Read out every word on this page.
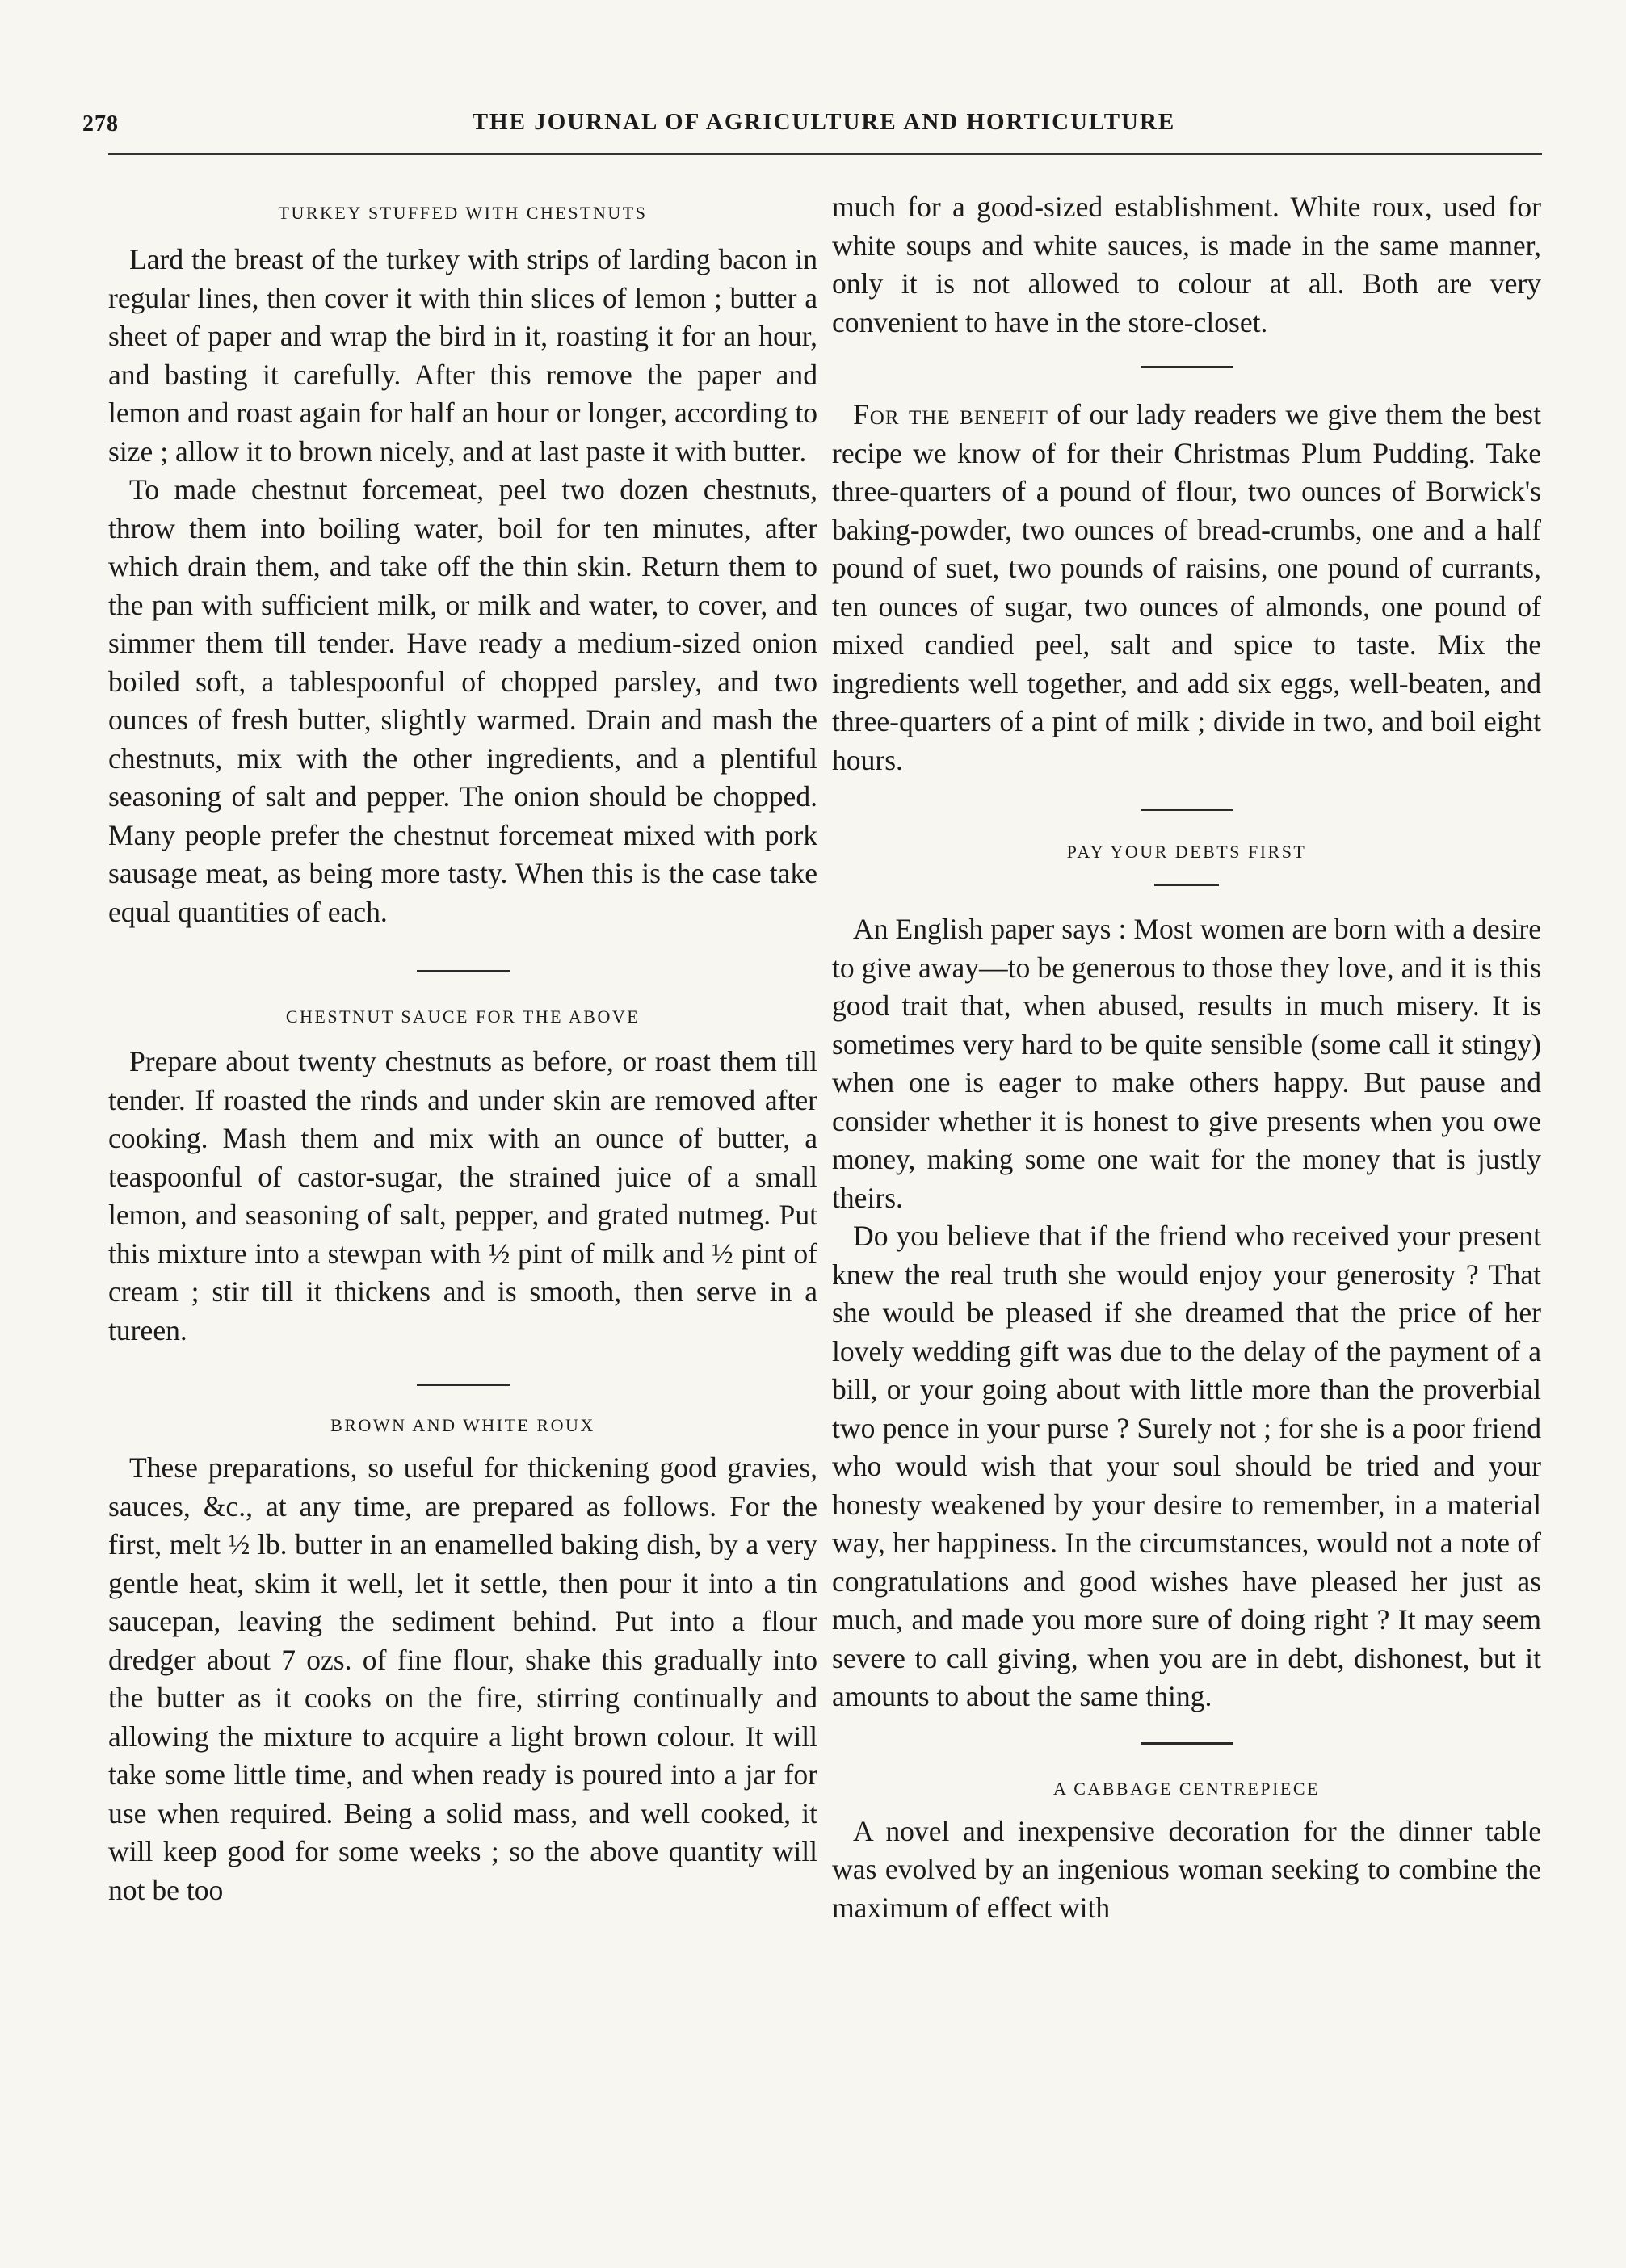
278	THE JOURNAL OF AGRICULTURE AND HORTICULTURE
TURKEY STUFFED WITH CHESTNUTS

Lard the breast of the turkey with strips of larding bacon in regular lines, then cover it with thin slices of lemon ; butter a sheet of paper and wrap the bird in it, roasting it for an hour, and basting it carefully. After this remove the paper and lemon and roast again for half an hour or longer, according to size ; allow it to brown nicely, and at last paste it with butter.

To made chestnut forcemeat, peel two dozen chestnuts, throw them into boiling water, boil for ten minutes, after which drain them, and take off the thin skin. Return them to the pan with sufficient milk, or milk and water, to cover, and simmer them till tender. Have ready a medium-sized onion boiled soft, a tablespoonful of chopped parsley, and two ounces of fresh butter, slightly warmed. Drain and mash the chestnuts, mix with the other ingredients, and a plentiful seasoning of salt and pepper. The onion should be chopped. Many people prefer the chestnut forcemeat mixed with pork sausage meat, as being more tasty. When this is the case take equal quantities of each.

CHESTNUT SAUCE FOR THE ABOVE

Prepare about twenty chestnuts as before, or roast them till tender. If roasted the rinds and under skin are removed after cooking. Mash them and mix with an ounce of butter, a teaspoonful of castor-sugar, the strained juice of a small lemon, and seasoning of salt, pepper, and grated nutmeg. Put this mixture into a stewpan with ½ pint of milk and ½ pint of cream ; stir till it thickens and is smooth, then serve in a tureen.

BROWN AND WHITE ROUX

These preparations, so useful for thickening good gravies, sauces, &c., at any time, are prepared as follows. For the first, melt ½ lb. butter in an enamelled baking dish, by a very gentle heat, skim it well, let it settle, then pour it into a tin saucepan, leaving the sediment behind. Put into a flour dredger about 7 ozs. of fine flour, shake this gradually into the butter as it cooks on the fire, stirring continually and allowing the mixture to acquire a light brown colour. It will take some little time, and when ready is poured into a jar for use when required. Being a solid mass, and well cooked, it will keep good for some weeks ; so the above quantity will not be too

much for a good-sized establishment. White roux, used for white soups and white sauces, is made in the same manner, only it is not allowed to colour at all. Both are very convenient to have in the store-closet.

For the benefit of our lady readers we give them the best recipe we know of for their Christmas Plum Pudding. Take three-quarters of a pound of flour, two ounces of Borwick's baking-powder, two ounces of bread-crumbs, one and a half pound of suet, two pounds of raisins, one pound of currants, ten ounces of sugar, two ounces of almonds, one pound of mixed candied peel, salt and spice to taste. Mix the ingredients well together, and add six eggs, well-beaten, and three-quarters of a pint of milk ; divide in two, and boil eight hours.

PAY YOUR DEBTS FIRST

An English paper says : Most women are born with a desire to give away—to be generous to those they love, and it is this good trait that, when abused, results in much misery. It is sometimes very hard to be quite sensible (some call it stingy) when one is eager to make others happy. But pause and consider whether it is honest to give presents when you owe money, making some one wait for the money that is justly theirs.

Do you believe that if the friend who received your present knew the real truth she would enjoy your generosity ? That she would be pleased if she dreamed that the price of her lovely wedding gift was due to the delay of the payment of a bill, or your going about with little more than the proverbial two pence in your purse ? Surely not ; for she is a poor friend who would wish that your soul should be tried and your honesty weakened by your desire to remember, in a material way, her happiness. In the circumstances, would not a note of congratulations and good wishes have pleased her just as much, and made you more sure of doing right ? It may seem severe to call giving, when you are in debt, dishonest, but it amounts to about the same thing.

A CABBAGE CENTREPIECE

A novel and inexpensive decoration for the dinner table was evolved by an ingenious woman seeking to combine the maximum of effect with
